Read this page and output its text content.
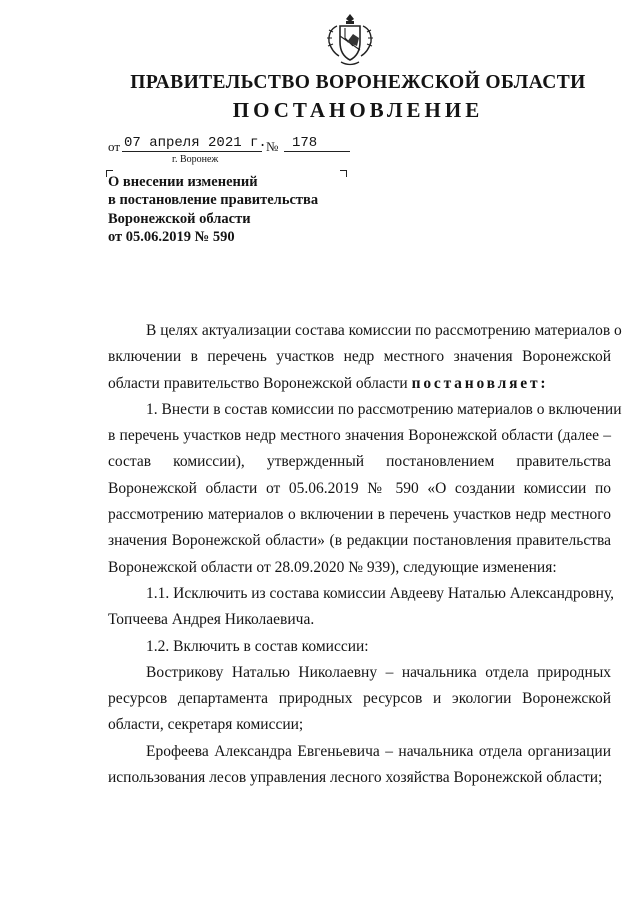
ПРАВИТЕЛЬСТВО ВОРОНЕЖСКОЙ ОБЛАСТИ
ПОСТАНОВЛЕНИЕ
от 07 апреля 2021 г. № 178
г. Воронеж
О внесении изменений
в постановление правительства
Воронежской области
от 05.06.2019 № 590
В целях актуализации состава комиссии по рассмотрению материалов о
включении в перечень участков недр местного значения Воронежской
области правительство Воронежской области постановляет:
1. Внести в состав комиссии по рассмотрению материалов о включении
в перечень участков недр местного значения Воронежской области (далее –
состав комиссии), утвержденный постановлением правительства
Воронежской области от 05.06.2019 № 590 «О создании комиссии по
рассмотрению материалов о включении в перечень участков недр местного
значения Воронежской области» (в редакции постановления правительства
Воронежской области от 28.09.2020 № 939), следующие изменения:
1.1. Исключить из состава комиссии Авдееву Наталью Александровну,
Топчеева Андрея Николаевича.
1.2. Включить в состав комиссии:
Вострикову Наталью Николаевну – начальника отдела природных
ресурсов департамента природных ресурсов и экологии Воронежской
области, секретаря комиссии;
Ерофеева Александра Евгеньевича – начальника отдела организации
использования лесов управления лесного хозяйства Воронежской области;
